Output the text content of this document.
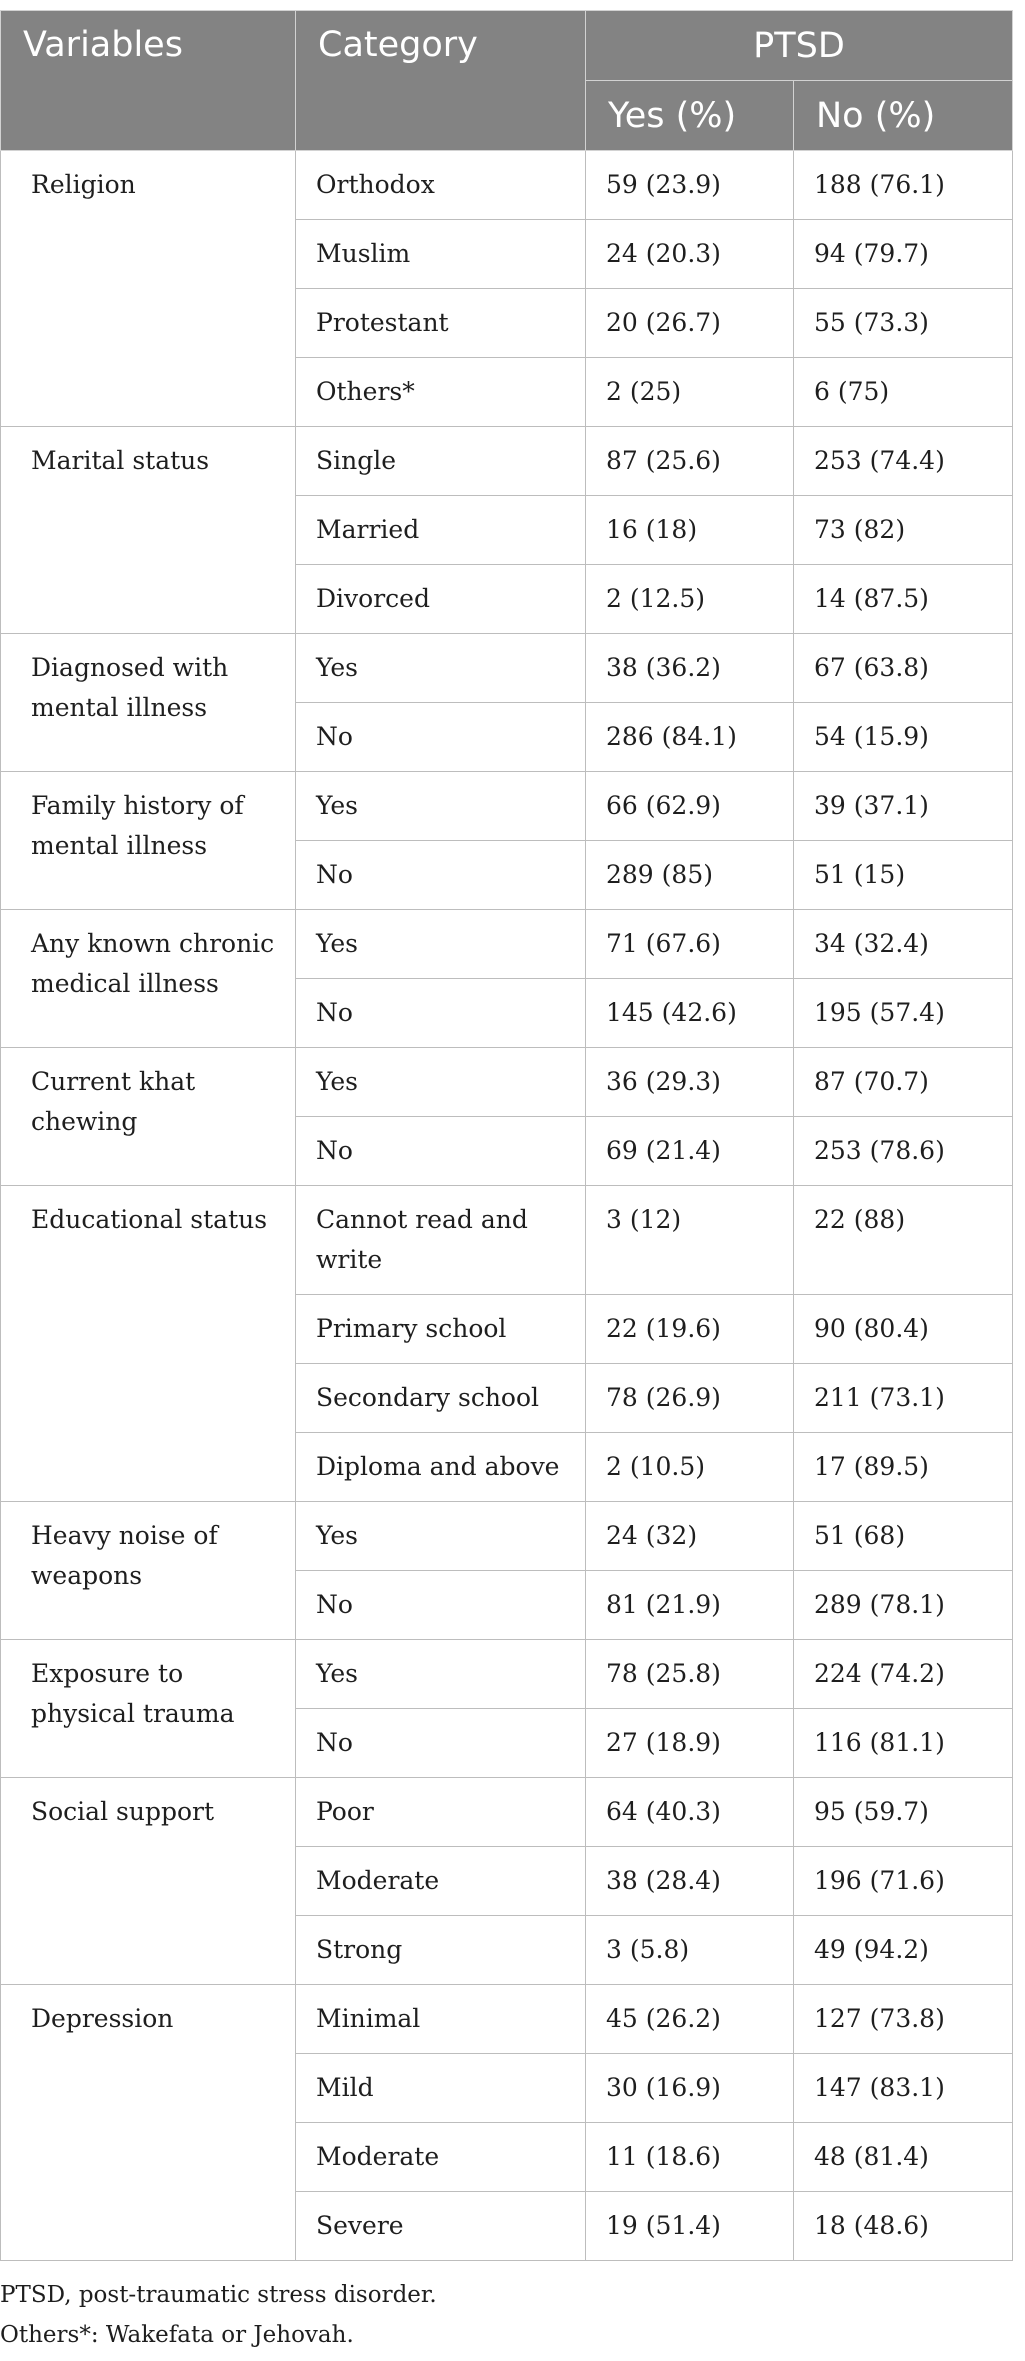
Variables	Category	PTSD	
		Yes (%)	No (%)
Religion	Orthodox	59 (23.9)	188 (76.1)
	Muslim	24 (20.3)	94 (79.7)
	Protestant	20 (26.7)	55 (73.3)
	Others*	2 (25)	6 (75)
Marital status	Single	87 (25.6)	253 (74.4)
	Married	16 (18)	73 (82)
	Divorced	2 (12.5)	14 (87.5)
Diagnosed with mental illness	Yes	38 (36.2)	67 (63.8)
	No	286 (84.1)	54 (15.9)
Family history of mental illness	Yes	66 (62.9)	39 (37.1)
	No	289 (85)	51 (15)
Any known chronic medical illness	Yes	71 (67.6)	34 (32.4)
	No	145 (42.6)	195 (57.4)
Current khat chewing	Yes	36 (29.3)	87 (70.7)
	No	69 (21.4)	253 (78.6)
Educational status	Cannot read and write	3 (12)	22 (88)
	Primary school	22 (19.6)	90 (80.4)
	Secondary school	78 (26.9)	211 (73.1)
	Diploma and above	2 (10.5)	17 (89.5)
Heavy noise of weapons	Yes	24 (32)	51 (68)
	No	81 (21.9)	289 (78.1)
Exposure to physical trauma	Yes	78 (25.8)	224 (74.2)
	No	27 (18.9)	116 (81.1)
Social support	Poor	64 (40.3)	95 (59.7)
	Moderate	38 (28.4)	196 (71.6)
	Strong	3 (5.8)	49 (94.2)
Depression	Minimal	45 (26.2)	127 (73.8)
	Mild	30 (16.9)	147 (83.1)
	Moderate	11 (18.6)	48 (81.4)
	Severe	19 (51.4)	18 (48.6)
PTSD, post-traumatic stress disorder.
Others*: Wakefata or Jehovah.
